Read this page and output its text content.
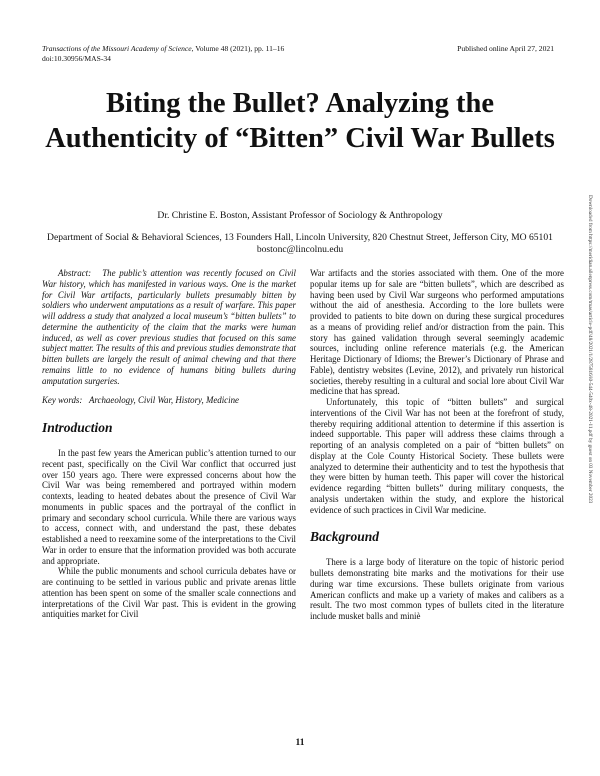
Transactions of the Missouri Academy of Science, Volume 48 (2021), pp. 11–16
doi:10.30956/MAS-34
Published online April 27, 2021
Downloaded from https://meridian.allenpress.com/tmas/article-pdf/48/2021/1/2875816/i0-544-540x-48-2021-11.pdf by guest on 03 November 2023
Biting the Bullet? Analyzing the Authenticity of “Bitten” Civil War Bullets
Dr. Christine E. Boston, Assistant Professor of Sociology & Anthropology
Department of Social & Behavioral Sciences, 13 Founders Hall, Lincoln University, 820 Chestnut Street, Jefferson City, MO 65101
bostonc@lincolnu.edu

Abstract: The public’s attention was recently focused on Civil War history, which has manifested in various ways. One is the market for Civil War artifacts, particularly bullets presumably bitten by soldiers who underwent amputations as a result of warfare. This paper will address a study that analyzed a local museum’s “bitten bullets” to determine the authenticity of the claim that the marks were human induced, as well as cover previous studies that focused on this same subject matter. The results of this and previous studies demonstrate that bitten bullets are largely the result of animal chewing and that there remains little to no evidence of humans biting bullets during amputation surgeries.

Key words: Archaeology, Civil War, History, Medicine

Introduction

In the past few years the American public’s attention turned to our recent past, specifically on the Civil War conflict that occurred just over 150 years ago. There were expressed concerns about how the Civil War was being remembered and portrayed within modern contexts, leading to heated debates about the presence of Civil War monuments in public spaces and the portrayal of the conflict in primary and secondary school curricula. While there are various ways to access, connect with, and understand the past, these debates established a need to reexamine some of the interpretations to the Civil War in order to ensure that the information provided was both accurate and appropriate.

While the public monuments and school curricula debates have or are continuing to be settled in various public and private arenas little attention has been spent on some of the smaller scale connections and interpretations of the Civil War past. This is evident in the growing antiquities market for Civil

War artifacts and the stories associated with them. One of the more popular items up for sale are “bitten bullets”, which are described as having been used by Civil War surgeons who performed amputations without the aid of anesthesia. According to the lore bullets were provided to patients to bite down on during these surgical procedures as a means of providing relief and/or distraction from the pain. This story has gained validation through several seemingly academic sources, including online reference materials (e.g. the American Heritage Dictionary of Idioms; the Brewer’s Dictionary of Phrase and Fable), dentistry websites (Levine, 2012), and privately run historical societies, thereby resulting in a cultural and social lore about Civil War medicine that has spread.

Unfortunately, this topic of “bitten bullets” and surgical interventions of the Civil War has not been at the forefront of study, thereby requiring additional attention to determine if this assertion is indeed supportable. This paper will address these claims through a reporting of an analysis completed on a pair of “bitten bullets” on display at the Cole County Historical Society. These bullets were analyzed to determine their authenticity and to test the hypothesis that they were bitten by human teeth. This paper will cover the historical evidence regarding “bitten bullets” during military conquests, the analysis undertaken within the study, and explore the historical evidence of such practices in Civil War medicine.

Background

There is a large body of literature on the topic of historic period bullets demonstrating bite marks and the motivations for their use during war time excursions. These bullets originate from various American conflicts and make up a variety of makes and calibers as a result. The two most common types of bullets cited in the literature include musket balls and miniè

11
